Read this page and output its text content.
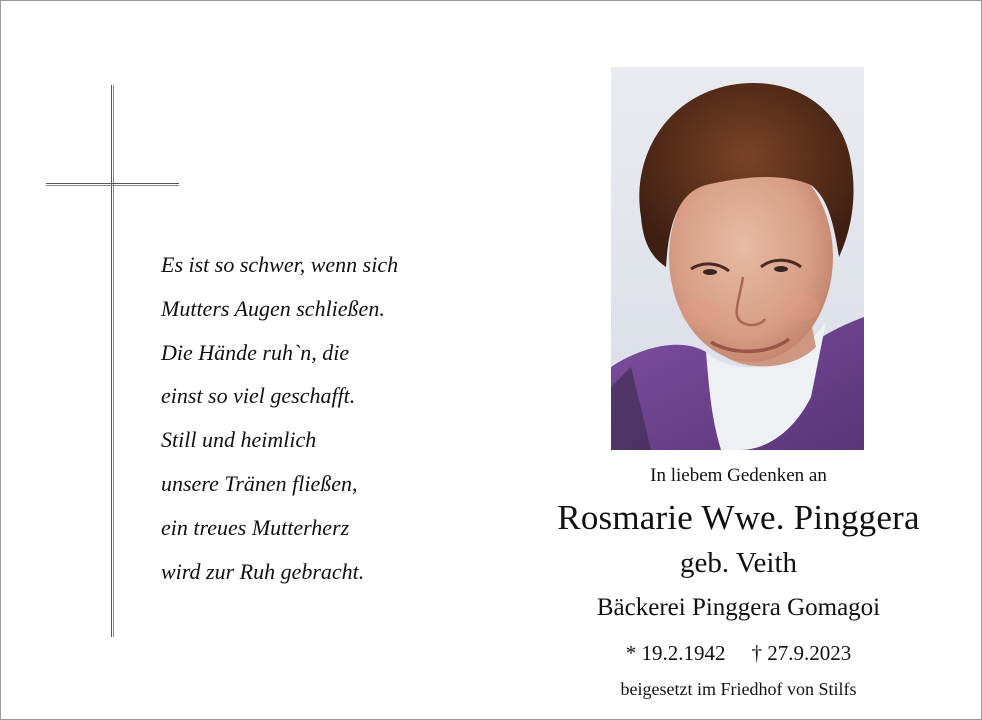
Es ist so schwer, wenn sich
Mutters Augen schließen.
Die Hände ruh`n, die
einst so viel geschafft.
Still und heimlich
unsere Tränen fließen,
ein treues Mutterherz
wird zur Ruh gebracht.
In liebem Gedenken an
Rosmarie Wwe. Pinggera
geb. Veith
Bäckerei Pinggera Gomagoi
* 19.2.1942 † 27.9.2023
beigesetzt im Friedhof von Stilfs
